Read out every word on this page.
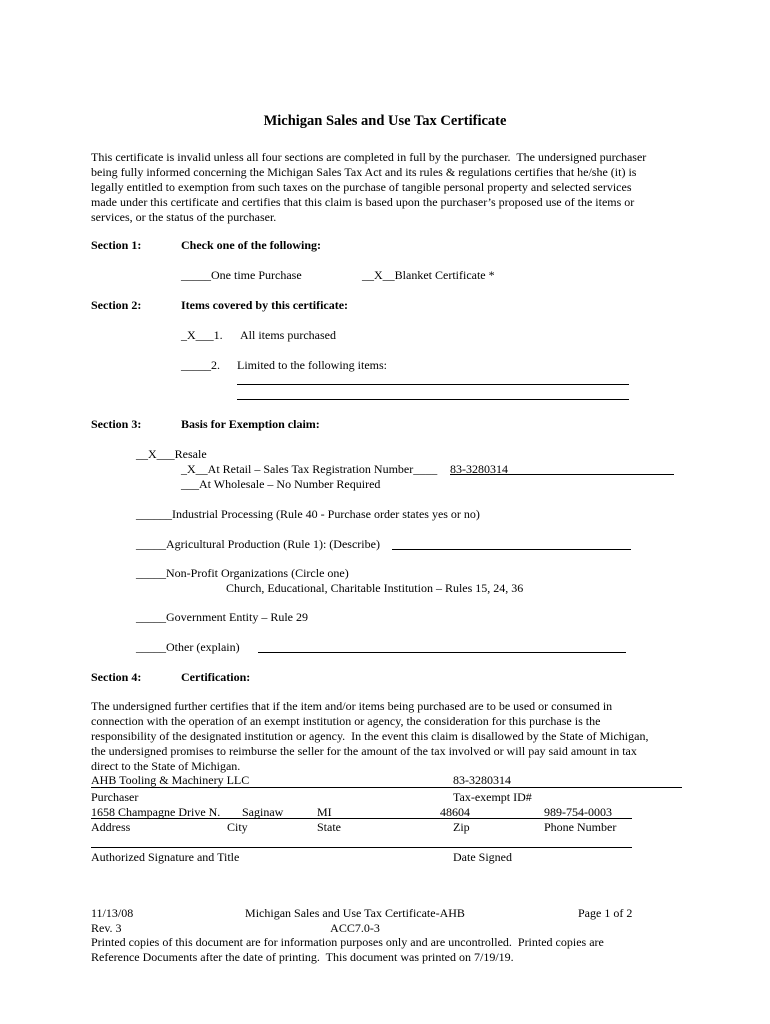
Michigan Sales and Use Tax Certificate
This certificate is invalid unless all four sections are completed in full by the purchaser.  The undersigned purchaser
being fully informed concerning the Michigan Sales Tax Act and its rules & regulations certifies that he/she (it) is
legally entitled to exemption from such taxes on the purchase of tangible personal property and selected services
made under this certificate and certifies that this claim is based upon the purchaser’s proposed use of the items or
services, or the status of the purchaser.
Section 1:	Check one of the following:
_____One time Purchase	__X__Blanket Certificate *
Section 2:	Items covered by this certificate:
_X___1. All items purchased
_____2. Limited to the following items:
Section 3:	Basis for Exemption claim:
__X___Resale
_X__At Retail – Sales Tax Registration Number____ 83-3280314
___At Wholesale – No Number Required
______Industrial Processing (Rule 40 - Purchase order states yes or no)
_____Agricultural Production (Rule 1): (Describe)
_____Non-Profit Organizations (Circle one)
Church, Educational, Charitable Institution – Rules 15, 24, 36
_____Government Entity – Rule 29
_____Other (explain)
Section 4:	Certification:
The undersigned further certifies that if the item and/or items being purchased are to be used or consumed in
connection with the operation of an exempt institution or agency, the consideration for this purchase is the
responsibility of the designated institution or agency.  In the event this claim is disallowed by the State of Michigan,
the undersigned promises to reimburse the seller for the amount of the tax involved or will pay said amount in tax
direct to the State of Michigan.
AHB Tooling & Machinery LLC	83-3280314
Purchaser	Tax-exempt ID#
1658 Champagne Drive N. Saginaw	MI	48604	989-754-0003
Address	City	State	Zip	Phone Number
Authorized Signature and Title	Date Signed
11/13/08
Rev. 3
Michigan Sales and Use Tax Certificate-AHB
ACC7.0-3
Page 1 of 2
Printed copies of this document are for information purposes only and are uncontrolled.  Printed copies are
Reference Documents after the date of printing.  This document was printed on 7/19/19.
